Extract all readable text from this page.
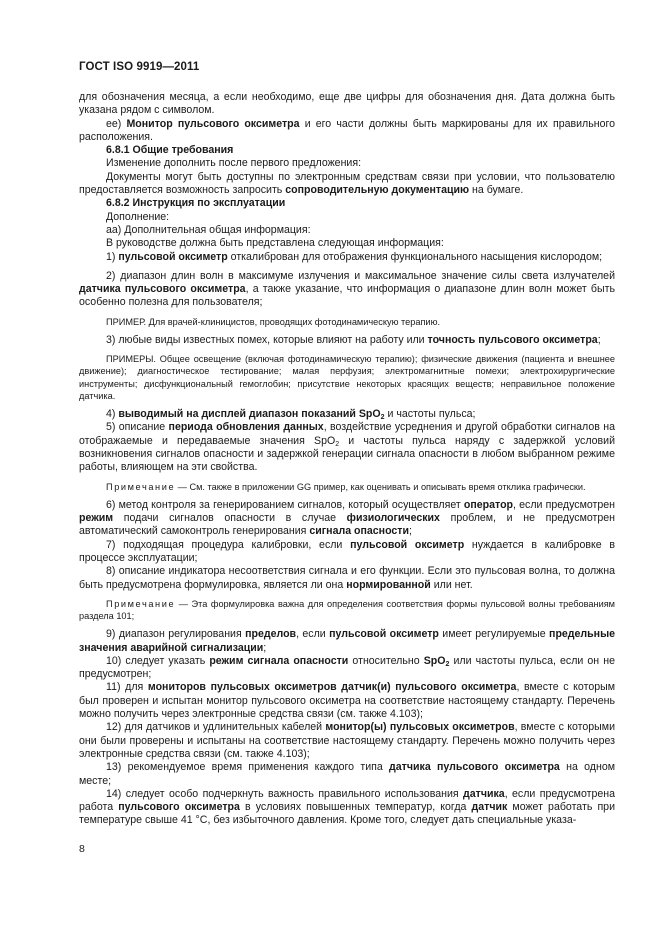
ГОСТ ISO 9919—2011

для обозначения месяца, а если необходимо, еще две цифры для обозначения дня. Дата должна быть указана рядом с символом.

ее) Монитор пульсового оксиметра и его части должны быть маркированы для их правильного расположения.

6.8.1 Общие требования

Изменение дополнить после первого предложения:

Документы могут быть доступны по электронным средствам связи при условии, что пользователю предоставляется возможность запросить сопроводительную документацию на бумаге.

6.8.2 Инструкция по эксплуатации

Дополнение:

аа) Дополнительная общая информация:

В руководстве должна быть представлена следующая информация:

1) пульсовой оксиметр откалиброван для отображения функционального насыщения кислородом;

2) диапазон длин волн в максимуме излучения и максимальное значение силы света излучателей датчика пульсового оксиметра, а также указание, что информация о диапазоне длин волн может быть особенно полезна для пользователя;

ПРИМЕР. Для врачей-клиницистов, проводящих фотодинамическую терапию.

3) любые виды известных помех, которые влияют на работу или точность пульсового оксиметра;

ПРИМЕРЫ. Общее освещение (включая фотодинамическую терапию); физические движения (пациента и внешнее движение); диагностическое тестирование; малая перфузия; электромагнитные помехи; электрохирургические инструменты; дисфункциональный гемоглобин; присутствие некоторых красящих веществ; неправильное положение датчика.

4) выводимый на дисплей диапазон показаний SpO$_2$ и частоты пульса;

5) описание периода обновления данных, воздействие усреднения и другой обработки сигналов на отображаемые и передаваемые значения SpO$_2$ и частоты пульса наряду с задержкой условий возникновения сигналов опасности и задержкой генерации сигнала опасности в любом выбранном режиме работы, влияющем на эти свойства.

Примечание — См. также в приложении GG пример, как оценивать и описывать время отклика графически.

6) метод контроля за генерированием сигналов, который осуществляет оператор, если предусмотрен режим подачи сигналов опасности в случае физиологических проблем, и не предусмотрен автоматический самоконтроль генерирования сигнала опасности;

7) подходящая процедура калибровки, если пульсовой оксиметр нуждается в калибровке в процессе эксплуатации;

8) описание индикатора несоответствия сигнала и его функции. Если это пульсовая волна, то должна быть предусмотрена формулировка, является ли она нормированной или нет.

Примечание — Эта формулировка важна для определения соответствия формы пульсовой волны требованиям раздела 101;

9) диапазон регулирования пределов, если пульсовой оксиметр имеет регулируемые предельные значения аварийной сигнализации;

10) следует указать режим сигнала опасности относительно SpO$_2$ или частоты пульса, если он не предусмотрен;

11) для мониторов пульсовых оксиметров датчик(и) пульсового оксиметра, вместе с которым был проверен и испытан монитор пульсового оксиметра на соответствие настоящему стандарту. Перечень можно получить через электронные средства связи (см. также 4.103);

12) для датчиков и удлинительных кабелей монитор(ы) пульсовых оксиметров, вместе с которыми они были проверены и испытаны на соответствие настоящему стандарту. Перечень можно получить через электронные средства связи (см. также 4.103);

13) рекомендуемое время применения каждого типа датчика пульсового оксиметра на одном месте;

14) следует особо подчеркнуть важность правильного использования датчика, если предусмотрена работа пульсового оксиметра в условиях повышенных температур, когда датчик может работать при температуре свыше 41 °С, без избыточного давления. Кроме того, следует дать специальные указа-

8
